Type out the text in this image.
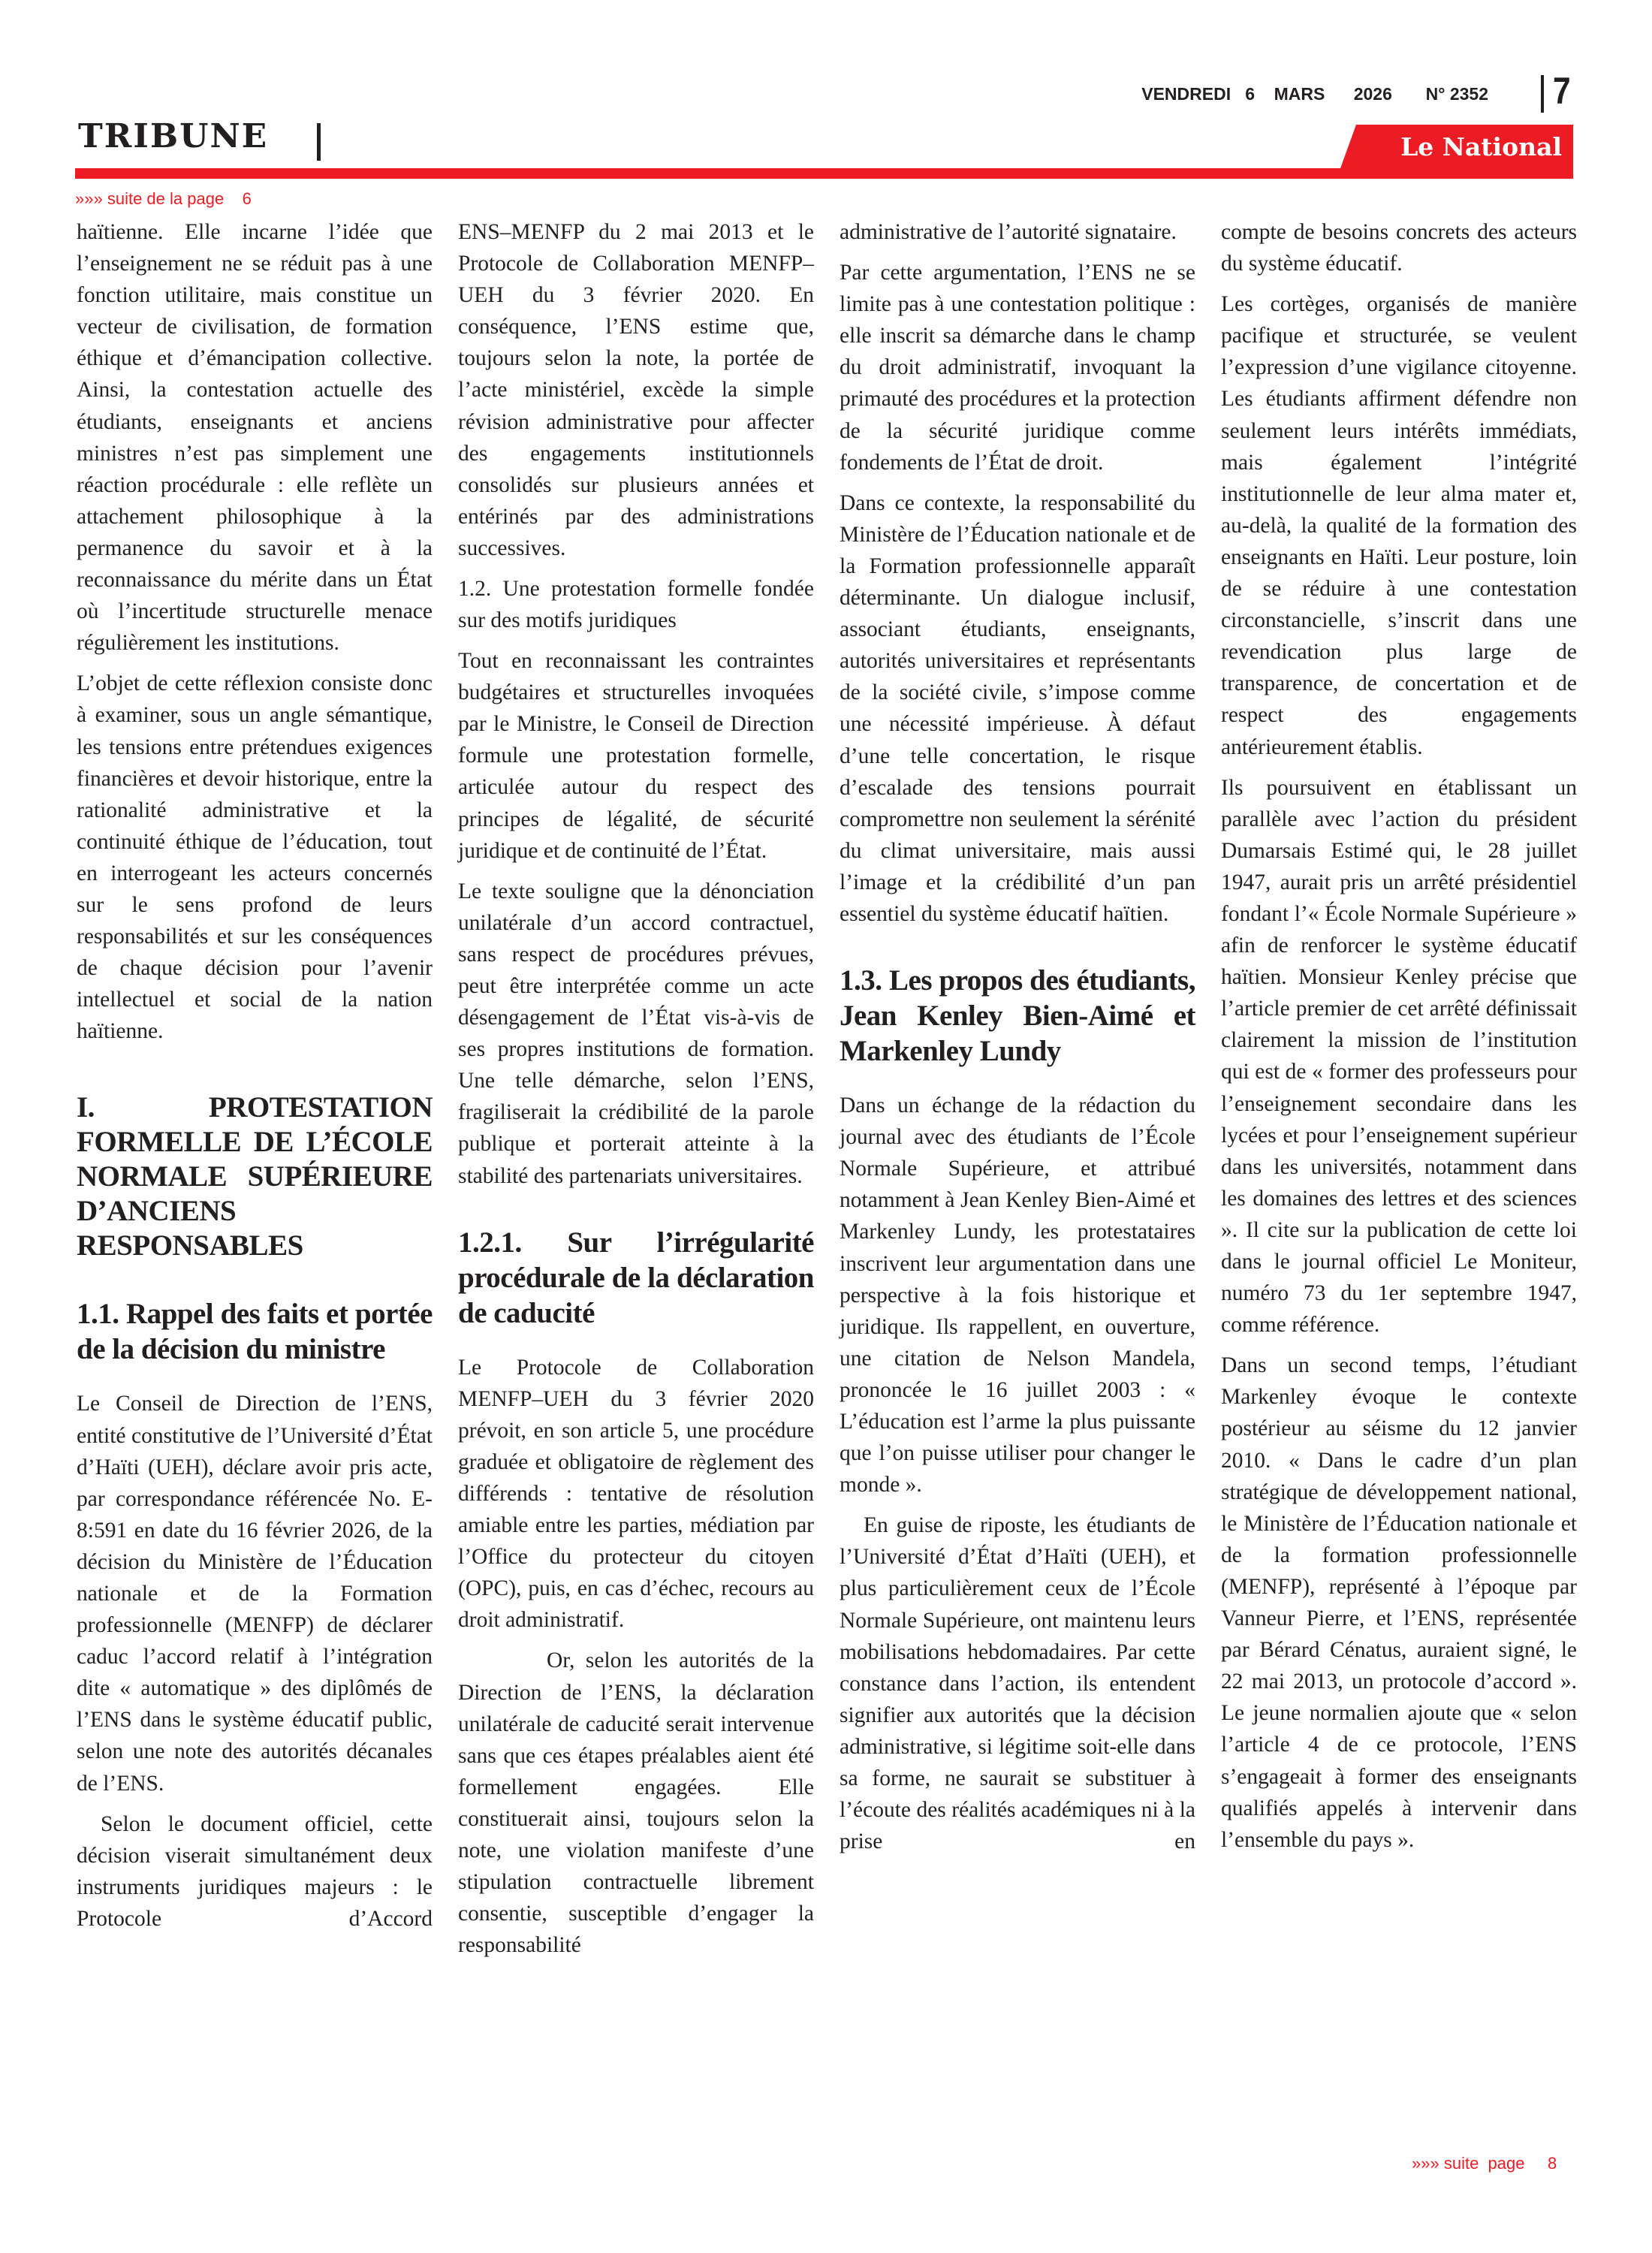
TRIBUNE
VENDREDI
6
MARS
2026
N° 2352 7
Le National
»»» suite de la page 6

haïtienne. Elle incarne l’idée que l’enseignement ne se réduit pas à une fonction utilitaire, mais constitue un vecteur de civilisation, de formation éthique et d’émancipation collective. Ainsi, la contestation actuelle des étudiants, enseignants et anciens ministres n’est pas simplement une réaction procédurale : elle reflète un attachement philosophique à la permanence du savoir et à la reconnaissance du mérite dans un État où l’incertitude structurelle menace régulièrement les institutions.

L’objet de cette réflexion consiste donc à examiner, sous un angle sémantique, les tensions entre prétendues exigences financières et devoir historique, entre la rationalité administrative et la continuité éthique de l’éducation, tout en interrogeant les acteurs concernés sur le sens profond de leurs responsabilités et sur les conséquences de chaque décision pour l’avenir intellectuel et social de la nation haïtienne.

I. PROTESTATION FORMELLE DE L’ÉCOLE NORMALE SUPÉRIEURE D’ANCIENS RESPONSABLES
1.1. Rappel des faits et portée de la décision du ministre

Le Conseil de Direction de l’ENS, entité constitutive de l’Université d’État d’Haïti (UEH), déclare avoir pris acte, par correspondance référencée No. E-8:591 en date du 16 février 2026, de la décision du Ministère de l’Éducation nationale et de la Formation professionnelle (MENFP) de déclarer caduc l’accord relatif à l’intégration dite « automatique » des diplômés de l’ENS dans le système éducatif public, selon une note des autorités décanales de l’ENS.

Selon le document officiel, cette décision viserait simultanément deux instruments juridiques majeurs : le Protocole d’Accord

ENS–MENFP du 2 mai 2013 et le Protocole de Collaboration MENFP–UEH du 3 février 2020. En conséquence, l’ENS estime que, toujours selon la note, la portée de l’acte ministériel, excède la simple révision administrative pour affecter des engagements institutionnels consolidés sur plusieurs années et entérinés par des administrations successives.

1.2. Une protestation formelle fondée sur des motifs juridiques

Tout en reconnaissant les contraintes budgétaires et structurelles invoquées par le Ministre, le Conseil de Direction formule une protestation formelle, articulée autour du respect des principes de légalité, de sécurité juridique et de continuité de l’État.

Le texte souligne que la dénonciation unilatérale d’un accord contractuel, sans respect de procédures prévues, peut être interprétée comme un acte désengagement de l’État vis-à-vis de ses propres institutions de formation. Une telle démarche, selon l’ENS, fragiliserait la crédibilité de la parole publique et porterait atteinte à la stabilité des partenariats universitaires.

1.2.1. Sur l’irrégularité procédurale de la déclaration de caducité

Le Protocole de Collaboration MENFP–UEH du 3 février 2020 prévoit, en son article 5, une procédure graduée et obligatoire de règlement des différends : tentative de résolution amiable entre les parties, médiation par l’Office du protecteur du citoyen (OPC), puis, en cas d’échec, recours au droit administratif.

Or, selon les autorités de la Direction de l’ENS, la déclaration unilatérale de caducité serait intervenue sans que ces étapes préalables aient été formellement engagées. Elle constituerait ainsi, toujours selon la note, une violation manifeste d’une stipulation contractuelle librement consentie, susceptible d’engager la responsabilité

administrative de l’autorité signataire.

Par cette argumentation, l’ENS ne se limite pas à une contestation politique : elle inscrit sa démarche dans le champ du droit administratif, invoquant la primauté des procédures et la protection de la sécurité juridique comme fondements de l’État de droit.

Dans ce contexte, la responsabilité du Ministère de l’Éducation nationale et de la Formation professionnelle apparaît déterminante. Un dialogue inclusif, associant étudiants, enseignants, autorités universitaires et représentants de la société civile, s’impose comme une nécessité impérieuse. À défaut d’une telle concertation, le risque d’escalade des tensions pourrait compromettre non seulement la sérénité du climat universitaire, mais aussi l’image et la crédibilité d’un pan essentiel du système éducatif haïtien.

1.3. Les propos des étudiants, Jean Kenley Bien-Aimé et Markenley Lundy

Dans un échange de la rédaction du journal avec des étudiants de l’École Normale Supérieure, et attribué notamment à Jean Kenley Bien-Aimé et Markenley Lundy, les protestataires inscrivent leur argumentation dans une perspective à la fois historique et juridique. Ils rappellent, en ouverture, une citation de Nelson Mandela, prononcée le 16 juillet 2003 : « L’éducation est l’arme la plus puissante que l’on puisse utiliser pour changer le monde ».

En guise de riposte, les étudiants de l’Université d’État d’Haïti (UEH), et plus particulièrement ceux de l’École Normale Supérieure, ont maintenu leurs mobilisations hebdomadaires. Par cette constance dans l’action, ils entendent signifier aux autorités que la décision administrative, si légitime soit-elle dans sa forme, ne saurait se substituer à l’écoute des réalités académiques ni à la prise en

compte de besoins concrets des acteurs du système éducatif.

Les cortèges, organisés de manière pacifique et structurée, se veulent l’expression d’une vigilance citoyenne. Les étudiants affirment défendre non seulement leurs intérêts immédiats, mais également l’intégrité institutionnelle de leur alma mater et, au-delà, la qualité de la formation des enseignants en Haïti. Leur posture, loin de se réduire à une contestation circonstancielle, s’inscrit dans une revendication plus large de transparence, de concertation et de respect des engagements antérieurement établis.

Ils poursuivent en établissant un parallèle avec l’action du président Dumarsais Estimé qui, le 28 juillet 1947, aurait pris un arrêté présidentiel fondant l’« École Normale Supérieure » afin de renforcer le système éducatif haïtien. Monsieur Kenley précise que l’article premier de cet arrêté définissait clairement la mission de l’institution qui est de « former des professeurs pour l’enseignement secondaire dans les lycées et pour l’enseignement supérieur dans les universités, notamment dans les domaines des lettres et des sciences ». Il cite sur la publication de cette loi dans le journal officiel Le Moniteur, numéro 73 du 1er septembre 1947, comme référence.

Dans un second temps, l’étudiant Markenley évoque le contexte postérieur au séisme du 12 janvier 2010. « Dans le cadre d’un plan stratégique de développement national, le Ministère de l’Éducation nationale et de la formation professionnelle (MENFP), représenté à l’époque par Vanneur Pierre, et l’ENS, représentée par Bérard Cénatus, auraient signé, le 22 mai 2013, un protocole d’accord ». Le jeune normalien ajoute que « selon l’article 4 de ce protocole, l’ENS s’engageait à former des enseignants qualifiés appelés à intervenir dans l’ensemble du pays ».

»»» suite  page 8
